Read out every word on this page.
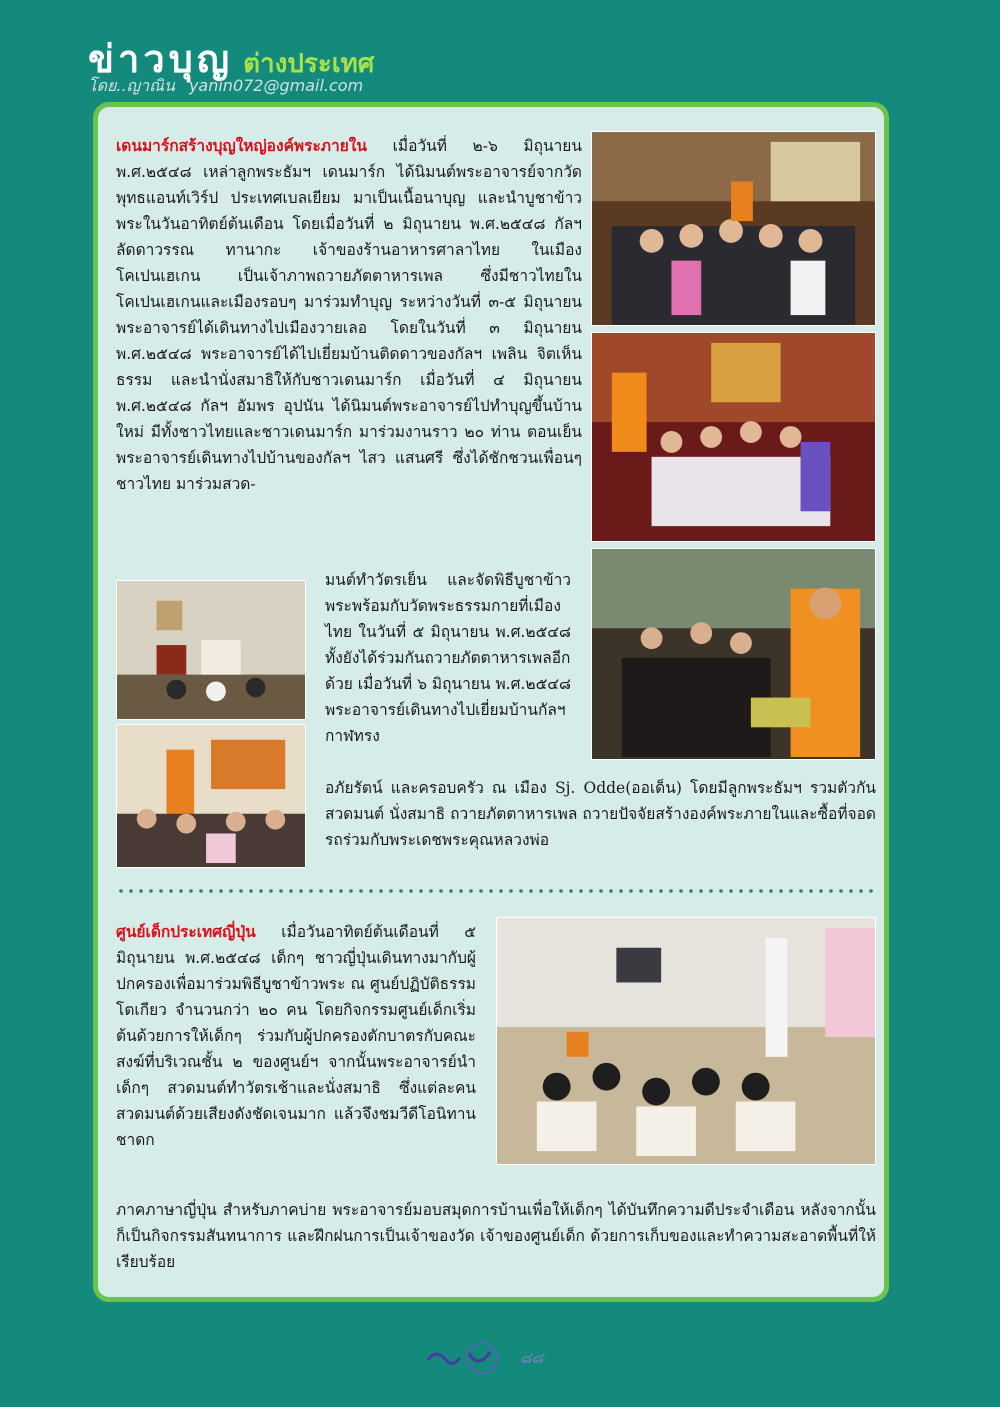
ข่าวบุญ ต่างประเทศ
โดย..ญาณิน yanin072@gmail.com
เดนมาร์กสร้างบุญใหญ่องค์พระภายใน เมื่อวันที่ ๒-๖ มิถุนายน พ.ศ.๒๕๔๘ เหล่าลูกพระธัมฯ เดนมาร์ก ได้นิมนต์พระอาจารย์จากวัดพุทธแอนท์เวิร์ป ประเทศเบลเยียม มาเป็นเนื้อนาบุญ และนำบูชาข้าวพระในวันอาทิตย์ต้นเดือน โดยเมื่อวันที่ ๒ มิถุนายน พ.ศ.๒๕๔๘ กัลฯ ลัดดาวรรณ ทานากะ เจ้าของร้านอาหารศาลาไทย ในเมืองโคเปนเฮเกน เป็นเจ้าภาพถวายภัตตาหารเพล ซึ่งมีชาวไทยในโคเปนเฮเกนและเมืองรอบๆ มาร่วมทำบุญ ระหว่างวันที่ ๓-๕ มิถุนายน พระอาจารย์ได้เดินทางไปเมืองวายเลอ โดยในวันที่ ๓ มิถุนายน พ.ศ.๒๕๔๘ พระอาจารย์ได้ไปเยี่ยมบ้านติดดาวของกัลฯ เพลิน จิตเห็นธรรม และนำนั่งสมาธิให้กับชาวเดนมาร์ก เมื่อวันที่ ๔ มิถุนายน พ.ศ.๒๕๔๘ กัลฯ อัมพร อุปนัน ได้นิมนต์พระอาจารย์ไปทำบุญขึ้นบ้านใหม่ มีทั้งชาวไทยและชาวเดนมาร์ก มาร่วมงานราว ๒๐ ท่าน ตอนเย็น พระอาจารย์เดินทางไปบ้านของกัลฯ ไสว แสนศรี ซึ่งได้ชักชวนเพื่อนๆ ชาวไทย มาร่วมสวด-
มนต์ทำวัตรเย็น และจัดพิธีบูชาข้าวพระพร้อมกับวัดพระธรรมกายที่เมืองไทย ในวันที่ ๕ มิถุนายน พ.ศ.๒๕๔๘ ทั้งยังได้ร่วมกันถวายภัตตาหารเพลอีกด้วย เมื่อวันที่ ๖ มิถุนายน พ.ศ.๒๕๔๘ พระอาจารย์เดินทางไปเยี่ยมบ้านกัลฯ กาฬทรง
อภัยรัตน์ และครอบครัว ณ เมือง Sj. Odde(ออเด็น) โดยมีลูกพระธัมฯ รวมตัวกันสวดมนต์ นั่งสมาธิ ถวายภัตตาหารเพล ถวายปัจจัยสร้างองค์พระภายในและซื้อที่จอดรถร่วมกับพระเดชพระคุณหลวงพ่อ
ศูนย์เด็กประเทศญี่ปุ่น เมื่อวันอาทิตย์ต้นเดือนที่ ๕ มิถุนายน พ.ศ.๒๕๔๘ เด็กๆ ชาวญี่ปุ่นเดินทางมากับผู้ปกครองเพื่อมาร่วมพิธีบูชาข้าวพระ ณ ศูนย์ปฏิบัติธรรมโตเกียว จำนวนกว่า ๒๐ คน โดยกิจกรรมศูนย์เด็กเริ่มต้นด้วยการให้เด็กๆ ร่วมกับผู้ปกครองตักบาตรกับคณะสงฆ์ที่บริเวณชั้น ๒ ของศูนย์ฯ จากนั้นพระอาจารย์นำเด็กๆ สวดมนต์ทำวัตรเช้าและนั่งสมาธิ ซึ่งแต่ละคนสวดมนต์ด้วยเสียงดังชัดเจนมาก แล้วจึงชมวีดีโอนิทานชาดก
ภาคภาษาญี่ปุ่น สำหรับภาคบ่าย พระอาจารย์มอบสมุดการบ้านเพื่อให้เด็กๆ ได้บันทึกความดีประจำเดือน หลังจากนั้นก็เป็นกิจกรรมสันทนาการ และฝึกฝนการเป็นเจ้าของวัด เจ้าของศูนย์เด็ก ด้วยการเก็บของและทำความสะอาดพื้นที่ให้เรียบร้อย
๘๘
